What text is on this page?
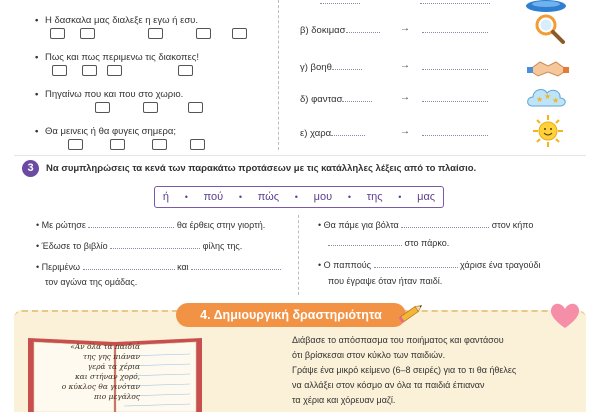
• Η δασκαλα μας διαλεξε η εγω ή εσυ.
• Πως και πως περιμενω τις διακοπες!
• Πηγαίνω που και που στο χωριο.
• Θα μεινεις ή θα φυγεις σημερα;
β) δοκιμασ	→
γ) βοηθ	→
δ) φαντασ	→
ε) χαρα	→
★ ★ ★
3	Να συμπληρώσεις τα κενά των παρακάτω προτάσεων με τις κατάλληλες λέξεις από το πλαίσιο.
ή • πού • πώς • μου • της • μας
• Με ρώτησε	θα έρθεις στην γιορτή.
• Έδωσε το βιβλίο	φίλης της.
• Περιμένω	και
τον αγώνα της ομάδας.
• Θα πάμε για βόλτα	στον κήπο
στο πάρκο.
• Ο παππούς	χάρισε ένα τραγούδι
που έγραψε όταν ήταν παιδί.
«Αν όλα τα παιδιά
της γης πιάναν
γερά τα χέρια
και στήναν χορό,
ο κύκλος θα γινόταν
πιο μεγάλος
4. Δημιουργική δραστηριότητα
Διάβασε το απόσπασμα του ποιήματος και φαντάσου
ότι βρίσκεσαι στον κύκλο των παιδιών.
Γράψε ένα μικρό κείμενο (6–8 σειρές) για το τι θα ήθελες
να αλλάξει στον κόσμο αν όλα τα παιδιά έπιαναν
τα χέρια και χόρευαν μαζί.
